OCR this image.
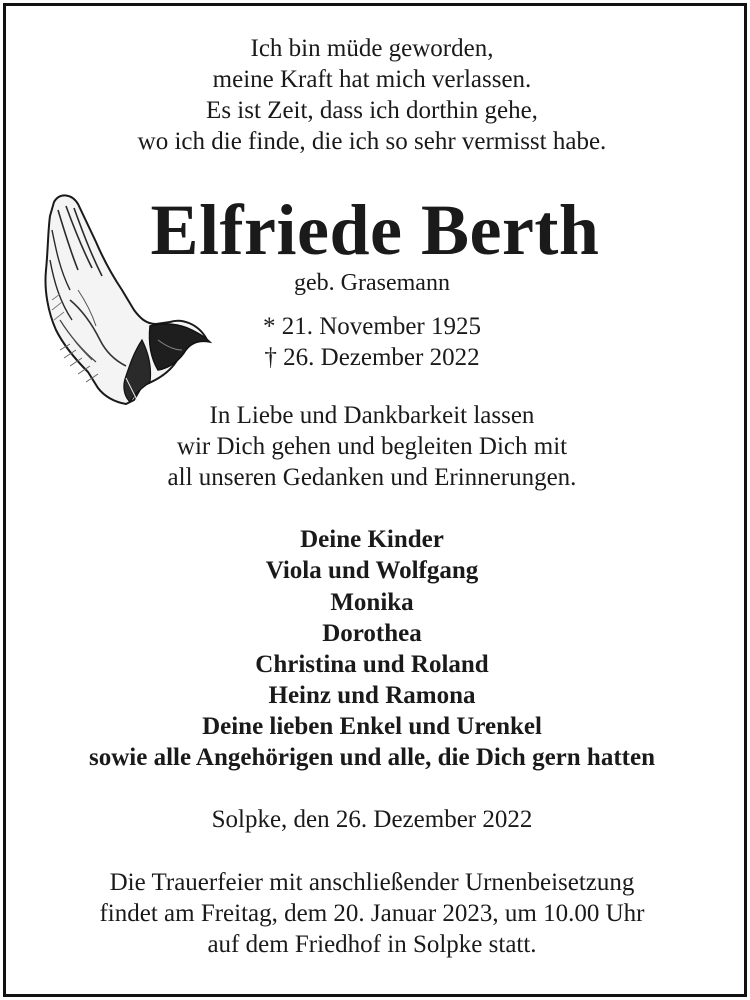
Ich bin müde geworden,
meine Kraft hat mich verlassen.
Es ist Zeit, dass ich dorthin gehe,
wo ich die finde, die ich so sehr vermisst habe.
Elfriede Berth
geb. Grasemann
* 21. November 1925
† 26. Dezember 2022
In Liebe und Dankbarkeit lassen
wir Dich gehen und begleiten Dich mit
all unseren Gedanken und Erinnerungen.
Deine Kinder
Viola und Wolfgang
Monika
Dorothea
Christina und Roland
Heinz und Ramona
Deine lieben Enkel und Urenkel
sowie alle Angehörigen und alle, die Dich gern hatten
Solpke, den 26. Dezember 2022
Die Trauerfeier mit anschließender Urnenbeisetzung
findet am Freitag, dem 20. Januar 2023, um 10.00 Uhr
auf dem Friedhof in Solpke statt.
